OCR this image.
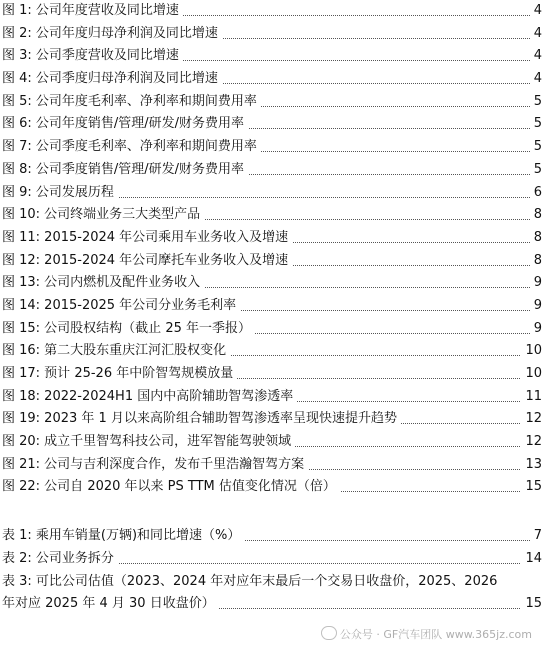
图 1: 公司年度营收及同比增速	4
图 2: 公司年度归母净利润及同比增速	4
图 3: 公司季度营收及同比增速	4
图 4: 公司季度归母净利润及同比增速	4
图 5: 公司年度毛利率、净利率和期间费用率	5
图 6: 公司年度销售/管理/研发/财务费用率	5
图 7: 公司季度毛利率、净利率和期间费用率	5
图 8: 公司季度销售/管理/研发/财务费用率	5
图 9: 公司发展历程	6
图 10: 公司终端业务三大类型产品	8
图 11: 2015-2024 年公司乘用车业务收入及增速	8
图 12: 2015-2024 年公司摩托车业务收入及增速	8
图 13: 公司内燃机及配件业务收入	9
图 14: 2015-2025 年公司分业务毛利率	9
图 15: 公司股权结构（截止 25 年一季报）	9
图 16: 第二大股东重庆江河汇股权变化	10
图 17: 预计 25-26 年中阶智驾规模放量	10
图 18: 2022-2024H1 国内中高阶辅助智驾渗透率	11
图 19: 2023 年 1 月以来高阶组合辅助智驾渗透率呈现快速提升趋势	12
图 20: 成立千里智驾科技公司，进军智能驾驶领域	12
图 21: 公司与吉利深度合作，发布千里浩瀚智驾方案	13
图 22: 公司自 2020 年以来 PS TTM 估值变化情况（倍）	15
表 1: 乘用车销量(万辆)和同比增速（%）	7
表 2: 公司业务拆分	14
表 3: 可比公司估值（2023、2024 年对应年末最后一个交易日收盘价，2025、2026
年对应 2025 年 4 月 30 日收盘价）	15
公众号 · GF汽车团队 www.365jz.com
